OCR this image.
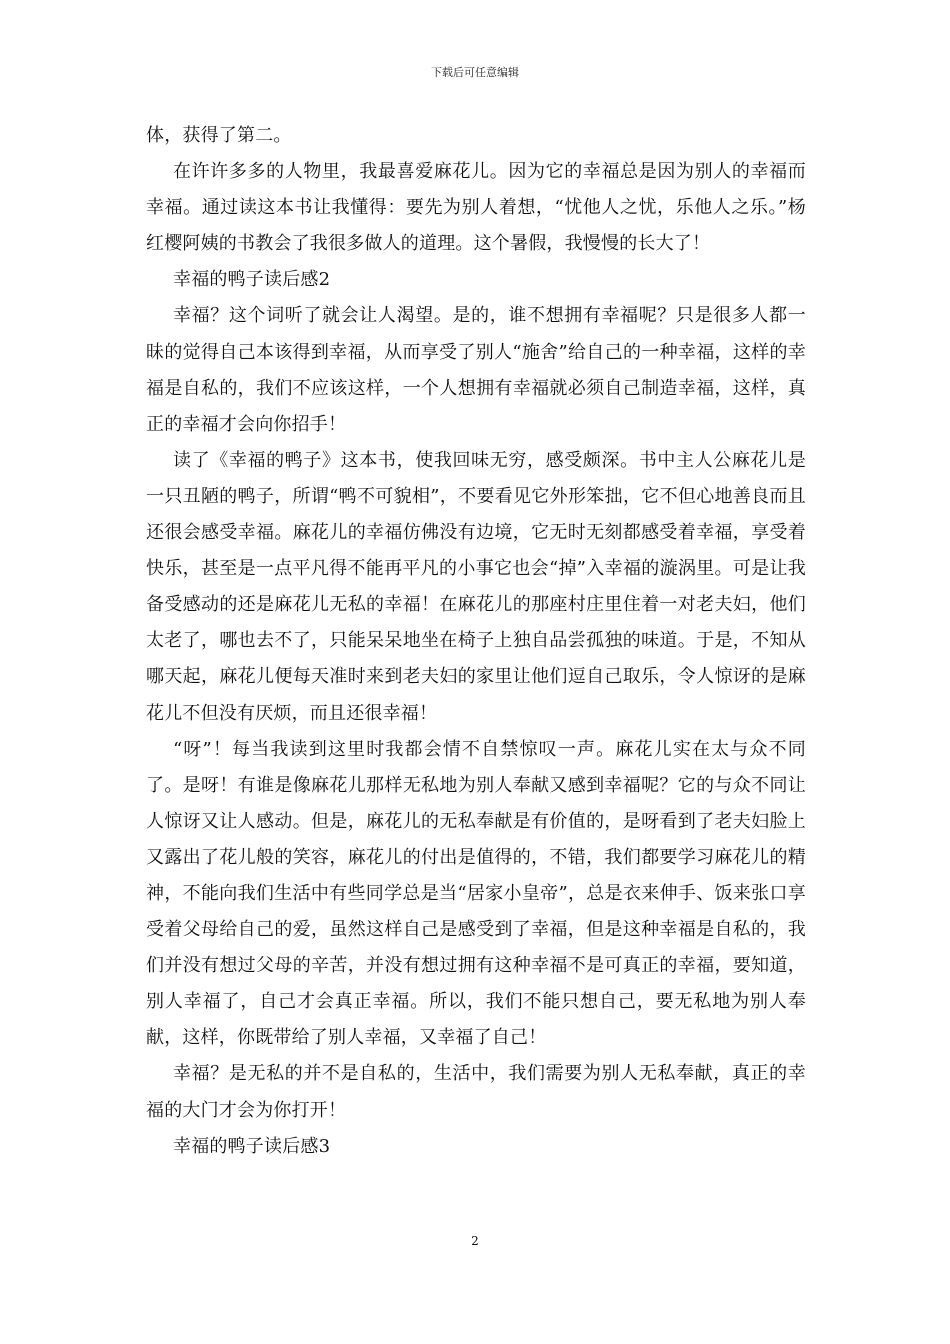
下载后可任意编辑

体，获得了第二。

在许许多多的人物里，我最喜爱麻花儿。因为它的幸福总是因为别人的幸福而幸福。通过读这本书让我懂得：要先为别人着想，“忧他人之忧，乐他人之乐。”杨红樱阿姨的书教会了我很多做人的道理。这个暑假，我慢慢的长大了！

幸福的鸭子读后感2

幸福？这个词听了就会让人渴望。是的，谁不想拥有幸福呢？只是很多人都一昧的觉得自己本该得到幸福，从而享受了别人“施舍”给自己的一种幸福，这样的幸福是自私的，我们不应该这样，一个人想拥有幸福就必须自己制造幸福，这样，真正的幸福才会向你招手！

读了《幸福的鸭子》这本书，使我回味无穷，感受颇深。书中主人公麻花儿是一只丑陋的鸭子，所谓“鸭不可貌相”，不要看见它外形笨拙，它不但心地善良而且还很会感受幸福。麻花儿的幸福仿佛没有边境，它无时无刻都感受着幸福，享受着快乐，甚至是一点平凡得不能再平凡的小事它也会“掉”入幸福的漩涡里。可是让我备受感动的还是麻花儿无私的幸福！在麻花儿的那座村庄里住着一对老夫妇，他们太老了，哪也去不了，只能呆呆地坐在椅子上独自品尝孤独的味道。于是，不知从哪天起，麻花儿便每天准时来到老夫妇的家里让他们逗自己取乐，令人惊讶的是麻花儿不但没有厌烦，而且还很幸福！

“呀”！每当我读到这里时我都会情不自禁惊叹一声。麻花儿实在太与众不同了。是呀！有谁是像麻花儿那样无私地为别人奉献又感到幸福呢？它的与众不同让人惊讶又让人感动。但是，麻花儿的无私奉献是有价值的，是呀看到了老夫妇脸上又露出了花儿般的笑容，麻花儿的付出是值得的，不错，我们都要学习麻花儿的精神，不能向我们生活中有些同学总是当“居家小皇帝”，总是衣来伸手、饭来张口享受着父母给自己的爱，虽然这样自己是感受到了幸福，但是这种幸福是自私的，我们并没有想过父母的辛苦，并没有想过拥有这种幸福不是可真正的幸福，要知道，别人幸福了，自己才会真正幸福。所以，我们不能只想自己，要无私地为别人奉献，这样，你既带给了别人幸福，又幸福了自己！

幸福？是无私的并不是自私的，生活中，我们需要为别人无私奉献，真正的幸福的大门才会为你打开！

幸福的鸭子读后感3

2
